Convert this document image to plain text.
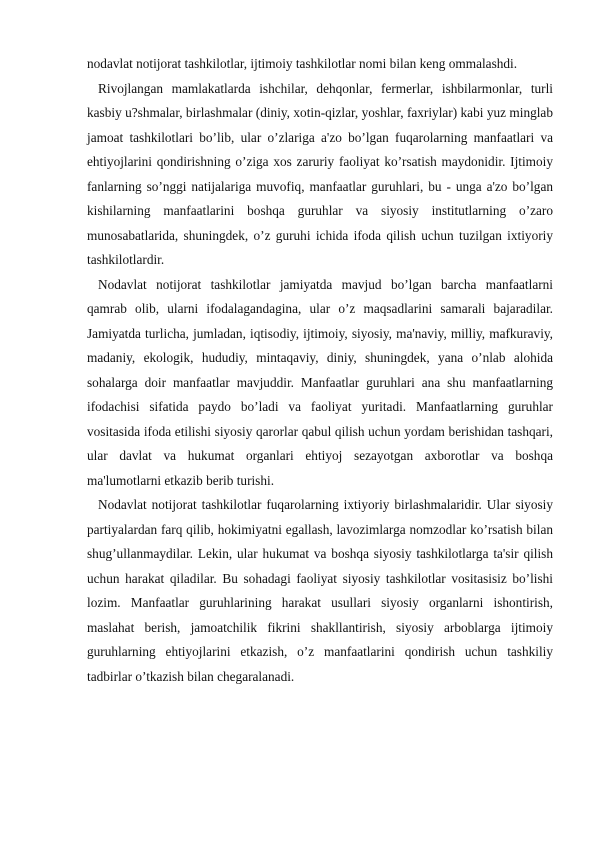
nodavlat notijorat tashkilotlar, ijtimoiy tashkilotlar nomi bilan keng ommalashdi.

Rivojlangan mamlakatlarda ishchilar, dehqonlar, fermerlar, ishbilarmonlar, turli kasbiy u?shmalar, birlashmalar (diniy, xotin-qizlar, yoshlar, faxriylar) kabi yuz minglab jamoat tashkilotlari bo’lib, ular o’zlariga a'zo bo’lgan fuqarolarning manfaatlari va ehtiyojlarini qondirishning o’ziga xos zaruriy faoliyat ko’rsatish maydonidir. Ijtimoiy fanlarning so’nggi natijalariga muvofiq, manfaatlar guruhlari, bu - unga a'zo bo’lgan kishilarning manfaatlarini boshqa guruhlar va siyosiy institutlarning o’zaro munosabatlarida, shuningdek, o’z guruhi ichida ifoda qilish uchun tuzilgan ixtiyoriy tashkilotlardir.

Nodavlat notijorat tashkilotlar jamiyatda mavjud bo’lgan barcha manfaatlarni qamrab olib, ularni ifodalagandagina, ular o’z maqsadlarini samarali bajaradilar. Jamiyatda turlicha, jumladan, iqtisodiy, ijtimoiy, siyosiy, ma'naviy, milliy, mafkuraviy, madaniy, ekologik, hududiy, mintaqaviy, diniy, shuningdek, yana o’nlab alohida sohalarga doir manfaatlar mavjuddir. Manfaatlar guruhlari ana shu manfaatlarning ifodachisi sifatida paydo bo’ladi va faoliyat yuritadi. Manfaatlarning guruhlar vositasida ifoda etilishi siyosiy qarorlar qabul qilish uchun yordam berishidan tashqari, ular davlat va hukumat organlari ehtiyoj sezayotgan axborotlar va boshqa ma'lumotlarni etkazib berib turishi.

Nodavlat notijorat tashkilotlar fuqarolarning ixtiyoriy birlashmalaridir. Ular siyosiy partiyalardan farq qilib, hokimiyatni egallash, lavozimlarga nomzodlar ko’rsatish bilan shug’ullanmaydilar. Lekin, ular hukumat va boshqa siyosiy tashkilotlarga ta'sir qilish uchun harakat qiladilar. Bu sohadagi faoliyat siyosiy tashkilotlar vositasisiz bo’lishi lozim. Manfaatlar guruhlarining harakat usullari siyosiy organlarni ishontirish, maslahat berish, jamoatchilik fikrini shakllantirish, siyosiy arboblarga ijtimoiy guruhlarning ehtiyojlarini etkazish, o’z manfaatlarini qondirish uchun tashkiliy tadbirlar o’tkazish bilan chegaralanadi.
